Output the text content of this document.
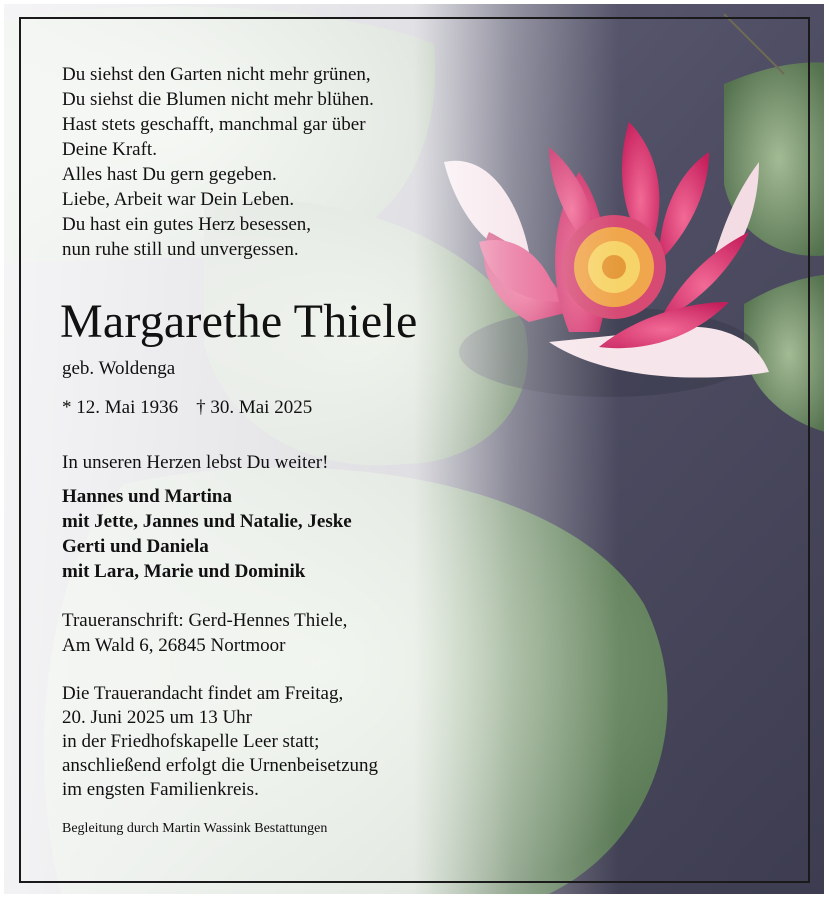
Du siehst den Garten nicht mehr grünen,
Du siehst die Blumen nicht mehr blühen.
Hast stets geschafft, manchmal gar über
Deine Kraft.
Alles hast Du gern gegeben.
Liebe, Arbeit war Dein Leben.
Du hast ein gutes Herz besessen,
nun ruhe still und unvergessen.
Margarethe Thiele
geb. Woldenga
* 12. Mai 1936 † 30. Mai 2025
In unseren Herzen lebst Du weiter!
Hannes und Martina
mit Jette, Jannes und Natalie, Jeske
Gerti und Daniela
mit Lara, Marie und Dominik
Traueranschrift: Gerd-Hennes Thiele,
Am Wald 6, 26845 Nortmoor
Die Trauerandacht findet am Freitag,
20. Juni 2025 um 13 Uhr
in der Friedhofskapelle Leer statt;
anschließend erfolgt die Urnenbeisetzung
im engsten Familienkreis.
Begleitung durch Martin Wassink Bestattungen
